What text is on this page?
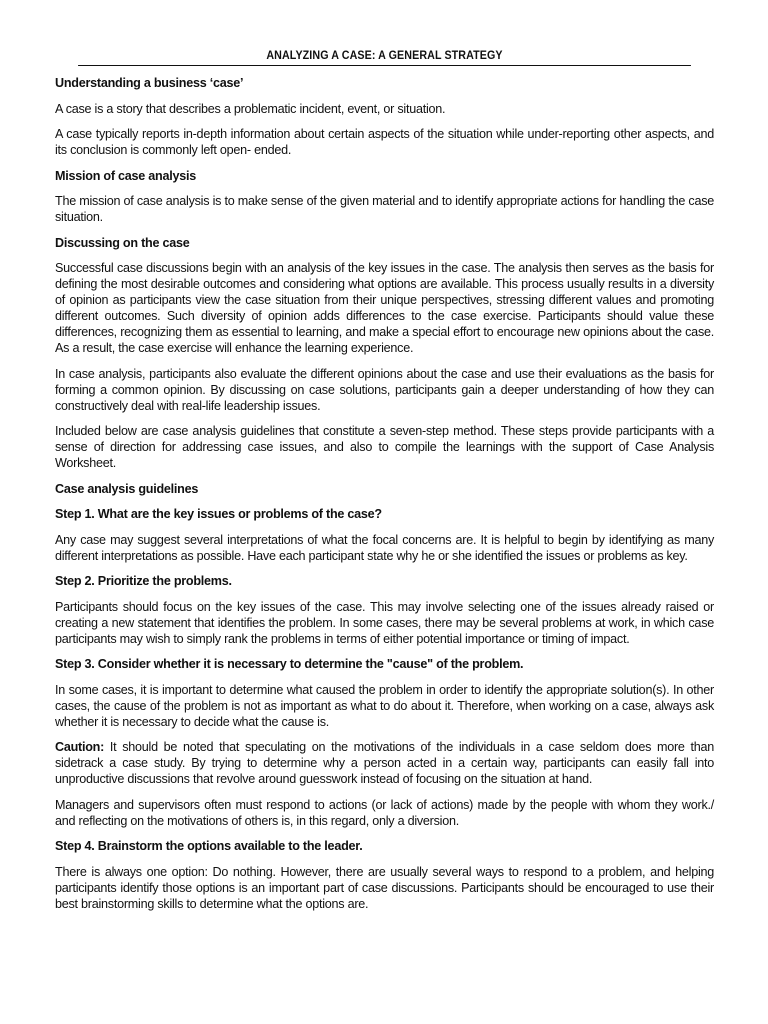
ANALYZING A CASE: A GENERAL STRATEGY

Understanding a business ‘case’

A case is a story that describes a problematic incident, event, or situation.

A case typically reports in-depth information about certain aspects of the situation while under-reporting other aspects, and its conclusion is commonly left open- ended.

Mission of case analysis

The mission of case analysis is to make sense of the given material and to identify appropriate actions for handling the case situation.

Discussing on the case

Successful case discussions begin with an analysis of the key issues in the case. The analysis then serves as the basis for defining the most desirable outcomes and considering what options are available. This process usually results in a diversity of opinion as participants view the case situation from their unique perspectives, stressing different values and promoting different outcomes. Such diversity of opinion adds differences to the case exercise. Participants should value these differences, recognizing them as essential to learning, and make a special effort to encourage new opinions about the case. As a result, the case exercise will enhance the learning experience.

In case analysis, participants also evaluate the different opinions about the case and use their evaluations as the basis for forming a common opinion. By discussing on case solutions, participants gain a deeper understanding of how they can constructively deal with real-life leadership issues.

Included below are case analysis guidelines that constitute a seven-step method. These steps provide participants with a sense of direction for addressing case issues, and also to compile the learnings with the support of Case Analysis Worksheet.

Case analysis guidelines

Step 1. What are the key issues or problems of the case?

Any case may suggest several interpretations of what the focal concerns are. It is helpful to begin by identifying as many different interpretations as possible. Have each participant state why he or she identified the issues or problems as key.

Step 2. Prioritize the problems.

Participants should focus on the key issues of the case. This may involve selecting one of the issues already raised or creating a new statement that identifies the problem. In some cases, there may be several problems at work, in which case participants may wish to simply rank the problems in terms of either potential importance or timing of impact.

Step 3. Consider whether it is necessary to determine the "cause" of the problem.

In some cases, it is important to determine what caused the problem in order to identify the appropriate solution(s). In other cases, the cause of the problem is not as important as what to do about it. Therefore, when working on a case, always ask whether it is necessary to decide what the cause is.

Caution: It should be noted that speculating on the motivations of the individuals in a case seldom does more than sidetrack a case study. By trying to determine why a person acted in a certain way, participants can easily fall into unproductive discussions that revolve around guesswork instead of focusing on the situation at hand.

Managers and supervisors often must respond to actions (or lack of actions) made by the people with whom they work./ and reflecting on the motivations of others is, in this regard, only a diversion.

Step 4. Brainstorm the options available to the leader.

There is always one option: Do nothing. However, there are usually several ways to respond to a problem, and helping participants identify those options is an important part of case discussions. Participants should be encouraged to use their best brainstorming skills to determine what the options are.
